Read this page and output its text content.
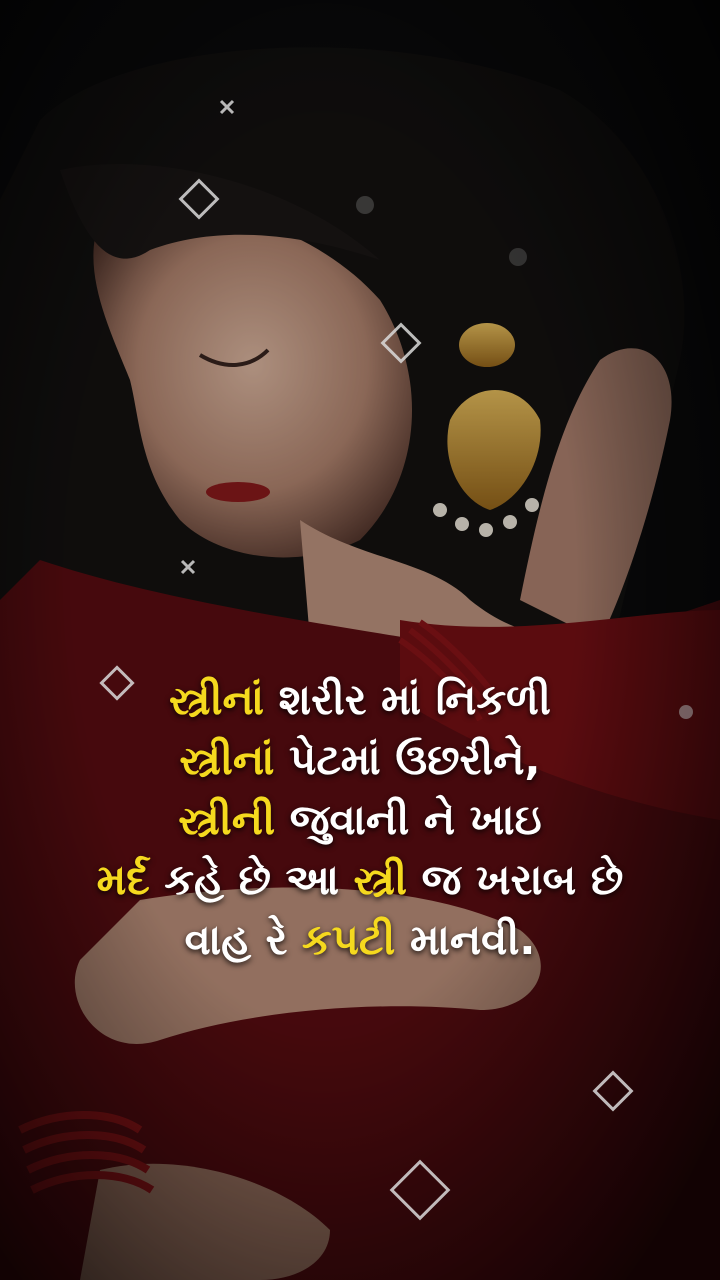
સ્ત્રીનાં શરીર માં નિકળી
સ્ત્રીનાં પેટમાં ઉછરીને,
સ્ત્રીની જુવાની ને ખાઇ
મર્દ કહે છે આ સ્ત્રી જ ખરાબ છે
વાહ રે કપટી માનવી.
